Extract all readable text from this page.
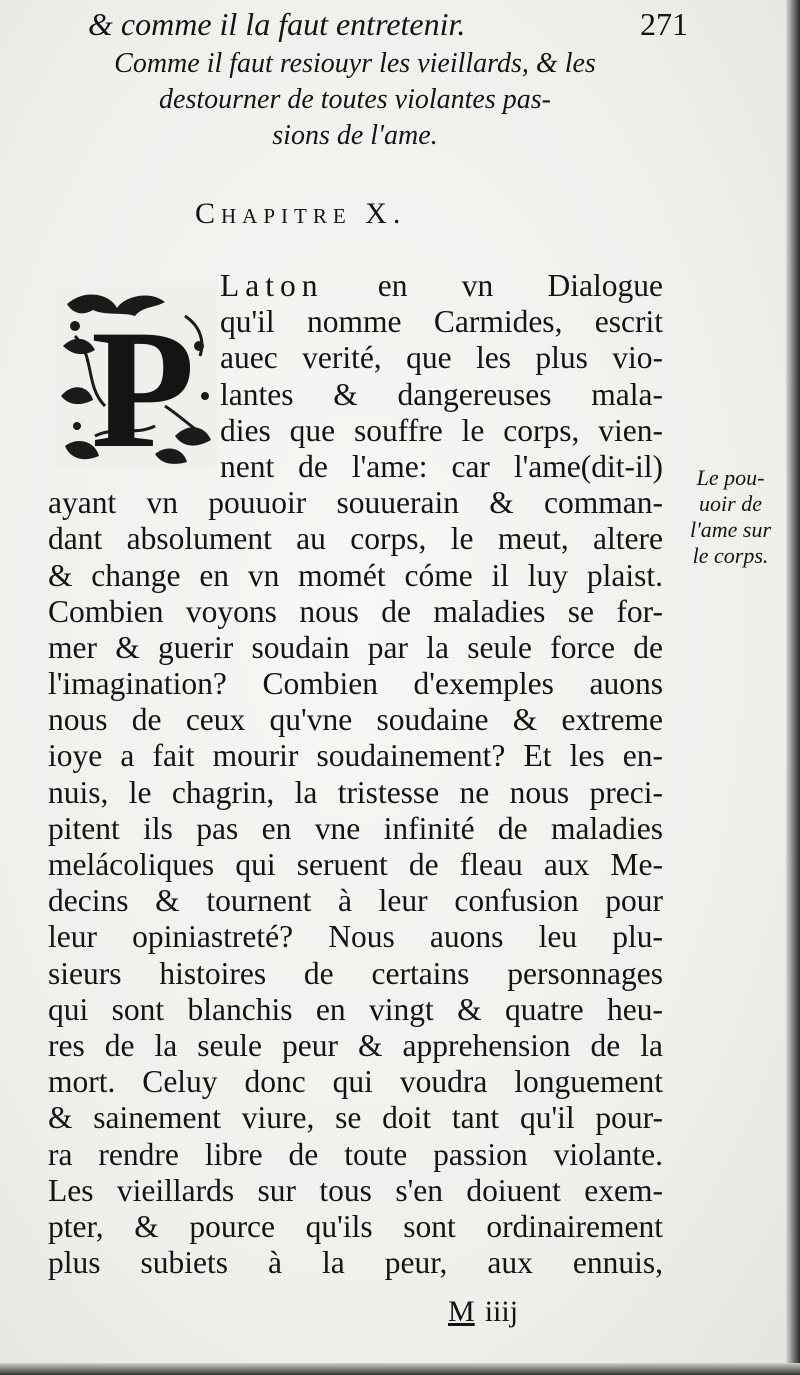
& comme il la faut entretenir.	271
Comme il faut resiouyr les vieillards, & les
destourner de toutes violantes pas-
sions de l'ame.
Chapitre X.
P
Laton en vn Dialogue
qu'il nomme Carmides, escrit
auec verité, que les plus vio-
lantes & dangereuses mala-
dies que souffre le corps, vien-
nent de l'ame: car l'ame(dit-il)
ayant vn pouuoir souuerain & comman-
dant absolument au corps, le meut, altere
& change en vn momét cóme il luy plaist.
Combien voyons nous de maladies se for-
mer & guerir soudain par la seule force de
l'imagination? Combien d'exemples auons
nous de ceux qu'vne soudaine & extreme
ioye a fait mourir soudainement? Et les en-
nuis, le chagrin, la tristesse ne nous preci-
pitent ils pas en vne infinité de maladies
melácoliques qui seruent de fleau aux Me-
decins & tournent à leur confusion pour
leur opiniastreté? Nous auons leu plu-
sieurs histoires de certains personnages
qui sont blanchis en vingt & quatre heu-
res de la seule peur & apprehension de la
mort. Celuy donc qui voudra longuement
& sainement viure, se doit tant qu'il pour-
ra rendre libre de toute passion violante.
Les vieillards sur tous s'en doiuent exem-
pter, & pource qu'ils sont ordinairement
plus subiets à la peur, aux ennuis,
Le pou-
uoir de
l'ame sur
le corps.
M iiij
